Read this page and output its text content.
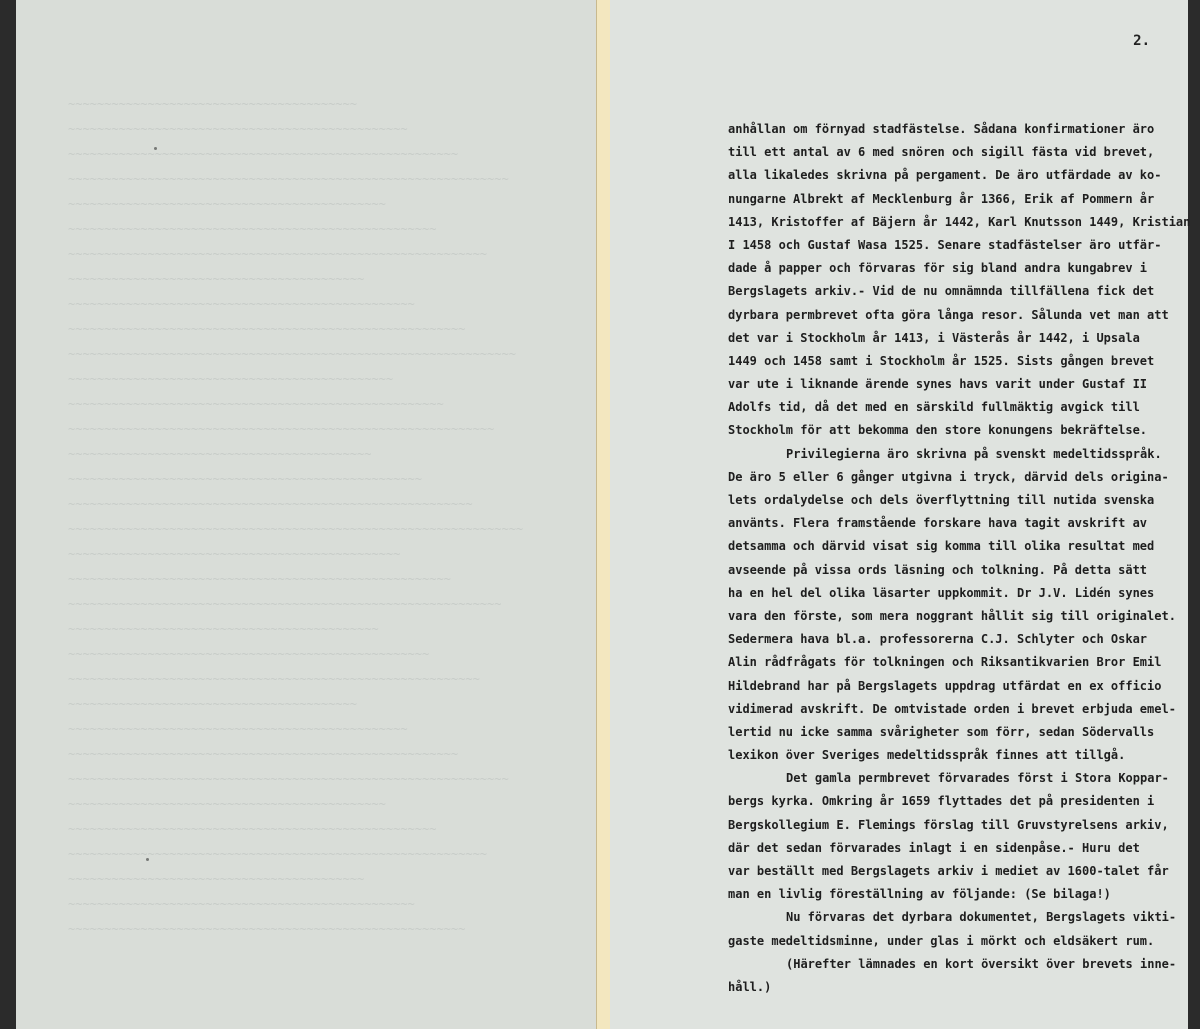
~~~~~~~~~~~~~~~~~~~~~~~~~~~~~~~~~~~~~~~~
~~~~~~~~~~~~~~~~~~~~~~~~~~~~~~~~~~~~~~~~~~~~~~~
~~~~~~~~~~~~~~~~~~~~~~~~~~~~~~~~~~~~~~~~~~~~~~~~~~~~~~
~~~~~~~~~~~~~~~~~~~~~~~~~~~~~~~~~~~~~~~~~~~~~~~~~~~~~~~~~~~~~
~~~~~~~~~~~~~~~~~~~~~~~~~~~~~~~~~~~~~~~~~~~~
~~~~~~~~~~~~~~~~~~~~~~~~~~~~~~~~~~~~~~~~~~~~~~~~~~~
~~~~~~~~~~~~~~~~~~~~~~~~~~~~~~~~~~~~~~~~~~~~~~~~~~~~~~~~~~
~~~~~~~~~~~~~~~~~~~~~~~~~~~~~~~~~~~~~~~~~
~~~~~~~~~~~~~~~~~~~~~~~~~~~~~~~~~~~~~~~~~~~~~~~~
~~~~~~~~~~~~~~~~~~~~~~~~~~~~~~~~~~~~~~~~~~~~~~~~~~~~~~~
~~~~~~~~~~~~~~~~~~~~~~~~~~~~~~~~~~~~~~~~~~~~~~~~~~~~~~~~~~~~~~
~~~~~~~~~~~~~~~~~~~~~~~~~~~~~~~~~~~~~~~~~~~~~
~~~~~~~~~~~~~~~~~~~~~~~~~~~~~~~~~~~~~~~~~~~~~~~~~~~~
~~~~~~~~~~~~~~~~~~~~~~~~~~~~~~~~~~~~~~~~~~~~~~~~~~~~~~~~~~~
~~~~~~~~~~~~~~~~~~~~~~~~~~~~~~~~~~~~~~~~~~
~~~~~~~~~~~~~~~~~~~~~~~~~~~~~~~~~~~~~~~~~~~~~~~~~
~~~~~~~~~~~~~~~~~~~~~~~~~~~~~~~~~~~~~~~~~~~~~~~~~~~~~~~~
~~~~~~~~~~~~~~~~~~~~~~~~~~~~~~~~~~~~~~~~~~~~~~~~~~~~~~~~~~~~~~~
~~~~~~~~~~~~~~~~~~~~~~~~~~~~~~~~~~~~~~~~~~~~~~
~~~~~~~~~~~~~~~~~~~~~~~~~~~~~~~~~~~~~~~~~~~~~~~~~~~~~
~~~~~~~~~~~~~~~~~~~~~~~~~~~~~~~~~~~~~~~~~~~~~~~~~~~~~~~~~~~~
~~~~~~~~~~~~~~~~~~~~~~~~~~~~~~~~~~~~~~~~~~~
~~~~~~~~~~~~~~~~~~~~~~~~~~~~~~~~~~~~~~~~~~~~~~~~~~
~~~~~~~~~~~~~~~~~~~~~~~~~~~~~~~~~~~~~~~~~~~~~~~~~~~~~~~~~
~~~~~~~~~~~~~~~~~~~~~~~~~~~~~~~~~~~~~~~~
~~~~~~~~~~~~~~~~~~~~~~~~~~~~~~~~~~~~~~~~~~~~~~~
~~~~~~~~~~~~~~~~~~~~~~~~~~~~~~~~~~~~~~~~~~~~~~~~~~~~~~
~~~~~~~~~~~~~~~~~~~~~~~~~~~~~~~~~~~~~~~~~~~~~~~~~~~~~~~~~~~~~
~~~~~~~~~~~~~~~~~~~~~~~~~~~~~~~~~~~~~~~~~~~~
~~~~~~~~~~~~~~~~~~~~~~~~~~~~~~~~~~~~~~~~~~~~~~~~~~~
~~~~~~~~~~~~~~~~~~~~~~~~~~~~~~~~~~~~~~~~~~~~~~~~~~~~~~~~~~
~~~~~~~~~~~~~~~~~~~~~~~~~~~~~~~~~~~~~~~~~
~~~~~~~~~~~~~~~~~~~~~~~~~~~~~~~~~~~~~~~~~~~~~~~~
~~~~~~~~~~~~~~~~~~~~~~~~~~~~~~~~~~~~~~~~~~~~~~~~~~~~~~~

2.

anhållan om förnyad stadfästelse. Sådana konfirmationer äro
till ett antal av 6 med snören och sigill fästa vid brevet,
alla likaledes skrivna på pergament. De äro utfärdade av ko-
nungarne Albrekt af Mecklenburg år 1366, Erik af Pommern år
1413, Kristoffer af Bäjern år 1442, Karl Knutsson 1449, Kristian
I 1458 och Gustaf Wasa 1525. Senare stadfästelser äro utfär-
dade å papper och förvaras för sig bland andra kungabrev i
Bergslagets arkiv.- Vid de nu omnämnda tillfällena fick det
dyrbara permbrevet ofta göra långa resor. Sålunda vet man att
det var i Stockholm år 1413, i Västerås år 1442, i Upsala
1449 och 1458 samt i Stockholm år 1525. Sists gången brevet
var ute i liknande ärende synes havs varit under Gustaf II
Adolfs tid, då det med en särskild fullmäktig avgick till
Stockholm för att bekomma den store konungens bekräftelse.
Privilegierna äro skrivna på svenskt medeltidsspråk.
De äro 5 eller 6 gånger utgivna i tryck, därvid dels origina-
lets ordalydelse och dels överflyttning till nutida svenska
använts. Flera framstående forskare hava tagit avskrift av
detsamma och därvid visat sig komma till olika resultat med
avseende på vissa ords läsning och tolkning. På detta sätt
ha en hel del olika läsarter uppkommit. Dr J.V. Lidén synes
vara den förste, som mera noggrant hållit sig till originalet.
Sedermera hava bl.a. professorerna C.J. Schlyter och Oskar
Alin rådfrågats för tolkningen och Riksantikvarien Bror Emil
Hildebrand har på Bergslagets uppdrag utfärdat en ex officio
vidimerad avskrift. De omtvistade orden i brevet erbjuda emel-
lertid nu icke samma svårigheter som förr, sedan Södervalls
lexikon över Sveriges medeltidsspråk finnes att tillgå.
Det gamla permbrevet förvarades först i Stora Koppar-
bergs kyrka. Omkring år 1659 flyttades det på presidenten i
Bergskollegium E. Flemings förslag till Gruvstyrelsens arkiv,
där det sedan förvarades inlagt i en sidenpåse.- Huru det
var beställt med Bergslagets arkiv i mediet av 1600-talet får
man en livlig föreställning av följande: (Se bilaga!)
Nu förvaras det dyrbara dokumentet, Bergslagets vikti-
gaste medeltidsminne, under glas i mörkt och eldsäkert rum.
(Härefter lämnades en kort översikt över brevets inne-
håll.)
